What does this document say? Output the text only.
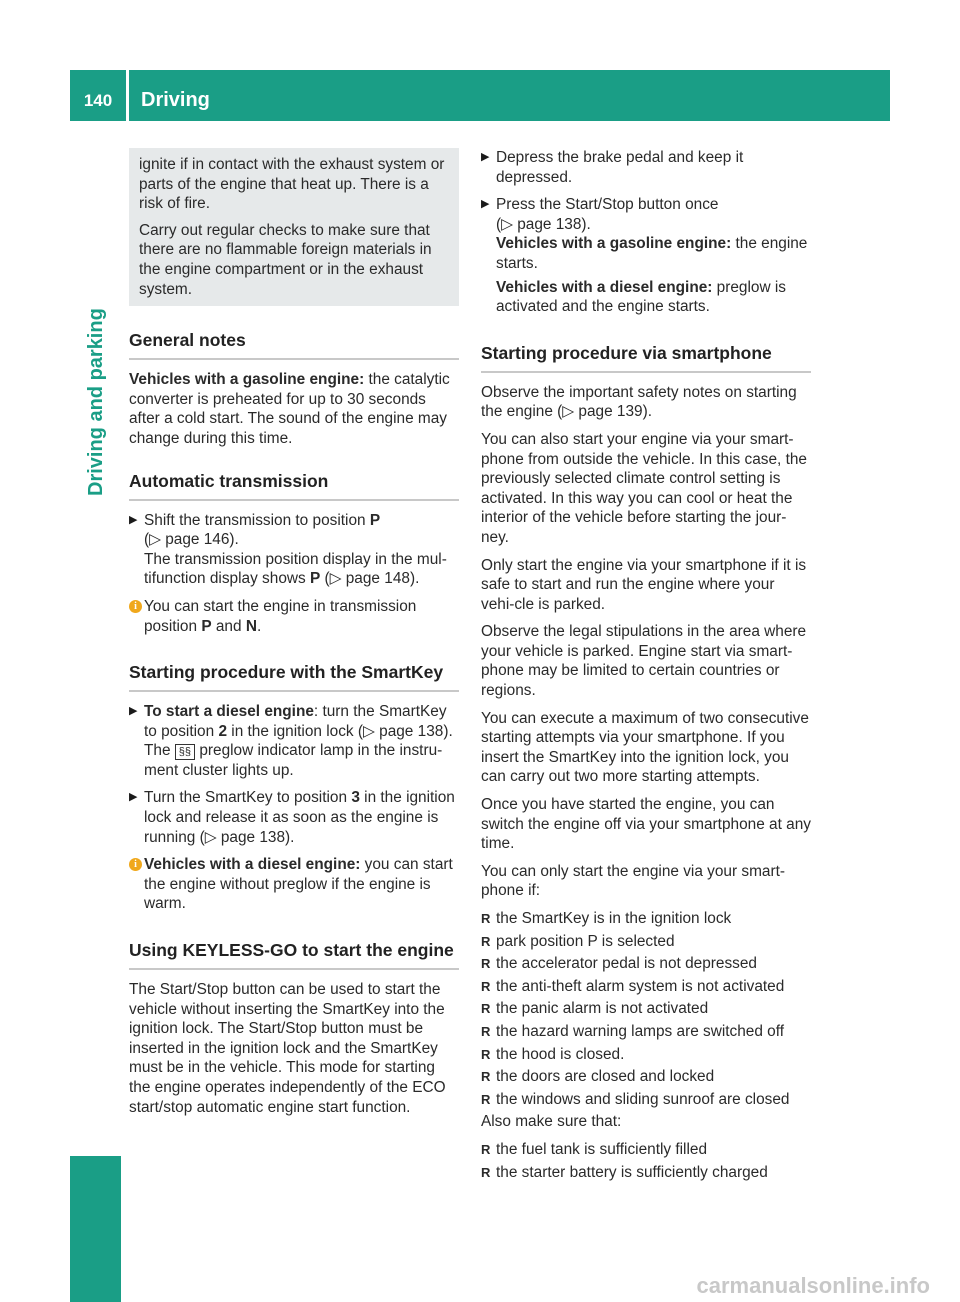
140	Driving
Driving and parking

ignite if in contact with the exhaust system or parts of the engine that heat up. There is a risk of fire.

Carry out regular checks to make sure that there are no flammable foreign materials in the engine compartment or in the exhaust system.

General notes

Vehicles with a gasoline engine: the catalytic converter is preheated for up to 30 seconds after a cold start. The sound of the engine may change during this time.

Automatic transmission
▶ Shift the transmission to position P
(▷ page 146).
The transmission position display in the mul-tifunction display shows P (▷ page 148).
i You can start the engine in transmission position P and N.
Starting procedure with the SmartKey
▶ To start a diesel engine: turn the SmartKey to position 2 in the ignition lock (▷ page 138).
The §§ preglow indicator lamp in the instru-ment cluster lights up.
▶ Turn the SmartKey to position 3 in the ignition lock and release it as soon as the engine is running (▷ page 138).
i Vehicles with a diesel engine: you can start the engine without preglow if the engine is warm.
Using KEYLESS-GO to start the engine

The Start/Stop button can be used to start the vehicle without inserting the SmartKey into the ignition lock. The Start/Stop button must be inserted in the ignition lock and the SmartKey must be in the vehicle. This mode for starting the engine operates independently of the ECO start/stop automatic engine start function.

▶ Depress the brake pedal and keep it depressed.
▶ Press the Start/Stop button once
(▷ page 138).
Vehicles with a gasoline engine: the engine starts.

Vehicles with a diesel engine: preglow is activated and the engine starts.
Starting procedure via smartphone

Observe the important safety notes on starting the engine (▷ page 139).

You can also start your engine via your smart-phone from outside the vehicle. In this case, the previously selected climate control setting is activated. In this way you can cool or heat the interior of the vehicle before starting the jour-ney.

Only start the engine via your smartphone if it is safe to start and run the engine where your vehi-cle is parked.

Observe the legal stipulations in the area where your vehicle is parked. Engine start via smart-phone may be limited to certain countries or regions.

You can execute a maximum of two consecutive starting attempts via your smartphone. If you insert the SmartKey into the ignition lock, you can carry out two more starting attempts.

Once you have started the engine, you can switch the engine off via your smartphone at any time.

You can only start the engine via your smart-phone if:

R the SmartKey is in the ignition lock
R park position P is selected
R the accelerator pedal is not depressed
R the anti-theft alarm system is not activated
R the panic alarm is not activated
R the hazard warning lamps are switched off
R the hood is closed.
R the doors are closed and locked
R the windows and sliding sunroof are closed

Also make sure that:

R the fuel tank is sufficiently filled
R the starter battery is sufficiently charged
carmanualsonline.info
